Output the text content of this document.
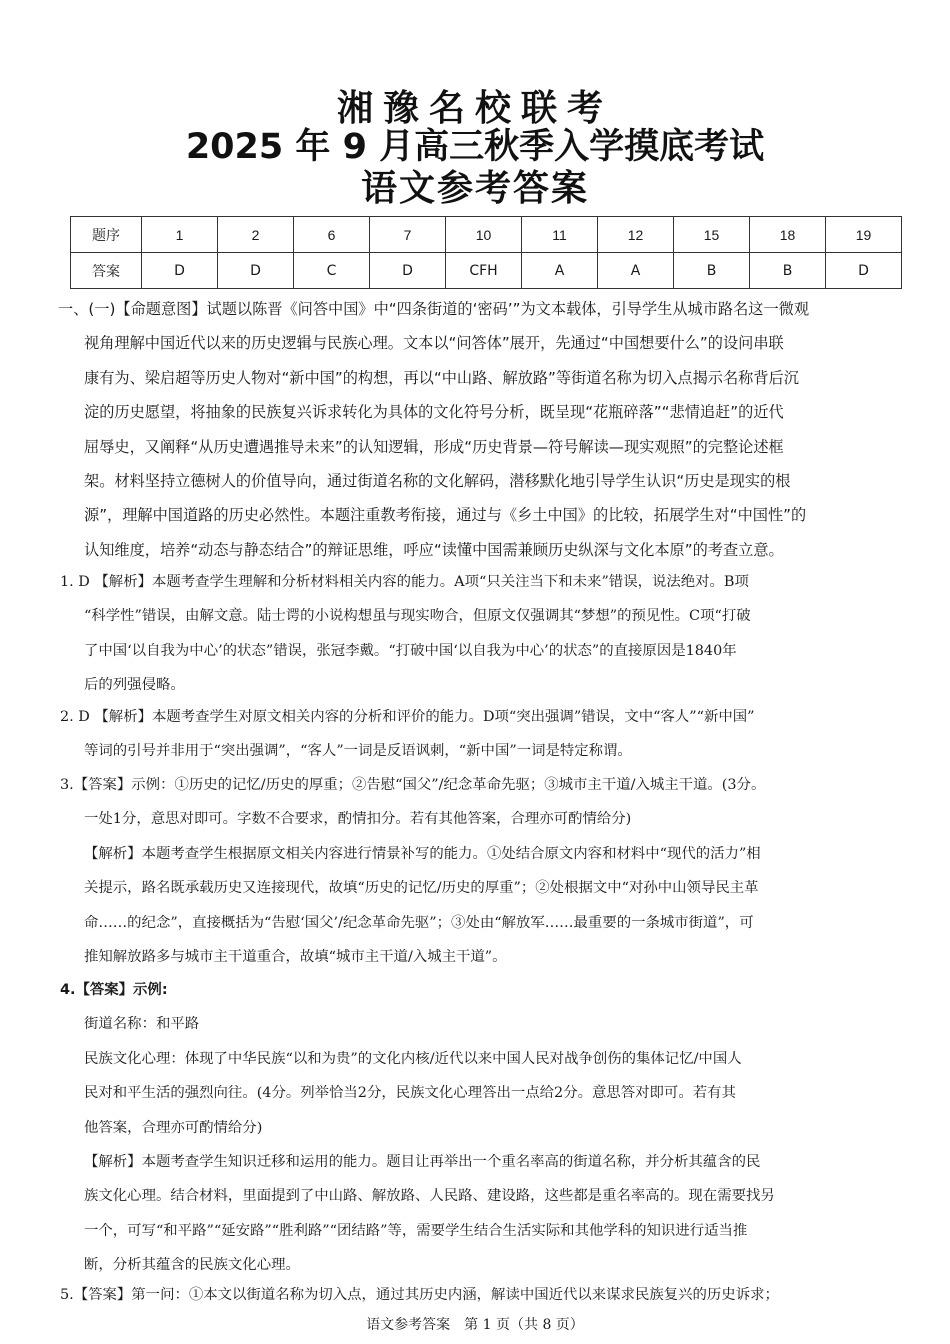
湘豫名校联考
2025 年 9 月高三秋季入学摸底考试
语文参考答案
题序	1	2	6	7	10	11	12	15	18	19
答案	D	D	C	D	CFH	A	A	B	B	D
一、(一)【命题意图】试题以陈晋《问答中国》中“四条街道的‘密码’”为文本载体，引导学生从城市路名这一微观
视角理解中国近代以来的历史逻辑与民族心理。文本以“问答体”展开，先通过“中国想要什么”的设问串联
康有为、梁启超等历史人物对“新中国”的构想，再以“中山路、解放路”等街道名称为切入点揭示名称背后沉
淀的历史愿望，将抽象的民族复兴诉求转化为具体的文化符号分析，既呈现“花瓶碎落”“悲情追赶”的近代
屈辱史，又阐释“从历史遭遇推导未来”的认知逻辑，形成“历史背景—符号解读—现实观照”的完整论述框
架。材料坚持立德树人的价值导向，通过街道名称的文化解码，潜移默化地引导学生认识“历史是现实的根
源”，理解中国道路的历史必然性。本题注重教考衔接，通过与《乡土中国》的比较，拓展学生对“中国性”的
认知维度，培养“动态与静态结合”的辩证思维，呼应“读懂中国需兼顾历史纵深与文化本原”的考查立意。
1. D 【解析】本题考查学生理解和分析材料相关内容的能力。A项“只关注当下和未来”错误，说法绝对。B项
“科学性”错误，由解文意。陆士谔的小说构想虽与现实吻合，但原文仅强调其“梦想”的预见性。C项“打破
了中国‘以自我为中心’的状态”错误，张冠李戴。“打破中国‘以自我为中心’的状态”的直接原因是1840年
后的列强侵略。
2. D 【解析】本题考查学生对原文相关内容的分析和评价的能力。D项“突出强调”错误，文中“客人”“新中国”
等词的引号并非用于“突出强调”，“客人”一词是反语讽刺，“新中国”一词是特定称谓。
3.【答案】示例：①历史的记忆/历史的厚重；②告慰“国父”/纪念革命先驱；③城市主干道/入城主干道。(3分。
一处1分，意思对即可。字数不合要求，酌情扣分。若有其他答案，合理亦可酌情给分)
【解析】本题考查学生根据原文相关内容进行情景补写的能力。①处结合原文内容和材料中“现代的活力”相
关提示，路名既承载历史又连接现代，故填“历史的记忆/历史的厚重”；②处根据文中“对孙中山领导民主革
命……的纪念”，直接概括为“告慰‘国父’/纪念革命先驱”；③处由“解放军……最重要的一条城市街道”，可
推知解放路多与城市主干道重合，故填“城市主干道/入城主干道”。
4.【答案】示例:
街道名称：和平路
民族文化心理：体现了中华民族“以和为贵”的文化内核/近代以来中国人民对战争创伤的集体记忆/中国人
民对和平生活的强烈向往。(4分。列举恰当2分，民族文化心理答出一点给2分。意思答对即可。若有其
他答案，合理亦可酌情给分)
【解析】本题考查学生知识迁移和运用的能力。题目让再举出一个重名率高的街道名称，并分析其蕴含的民
族文化心理。结合材料，里面提到了中山路、解放路、人民路、建设路，这些都是重名率高的。现在需要找另
一个，可写“和平路”“延安路”“胜利路”“团结路”等，需要学生结合生活实际和其他学科的知识进行适当推
断，分析其蕴含的民族文化心理。
5.【答案】第一问：①本文以街道名称为切入点，通过其历史内涵，解读中国近代以来谋求民族复兴的历史诉求；
语文参考答案　第 1 页（共 8 页）
